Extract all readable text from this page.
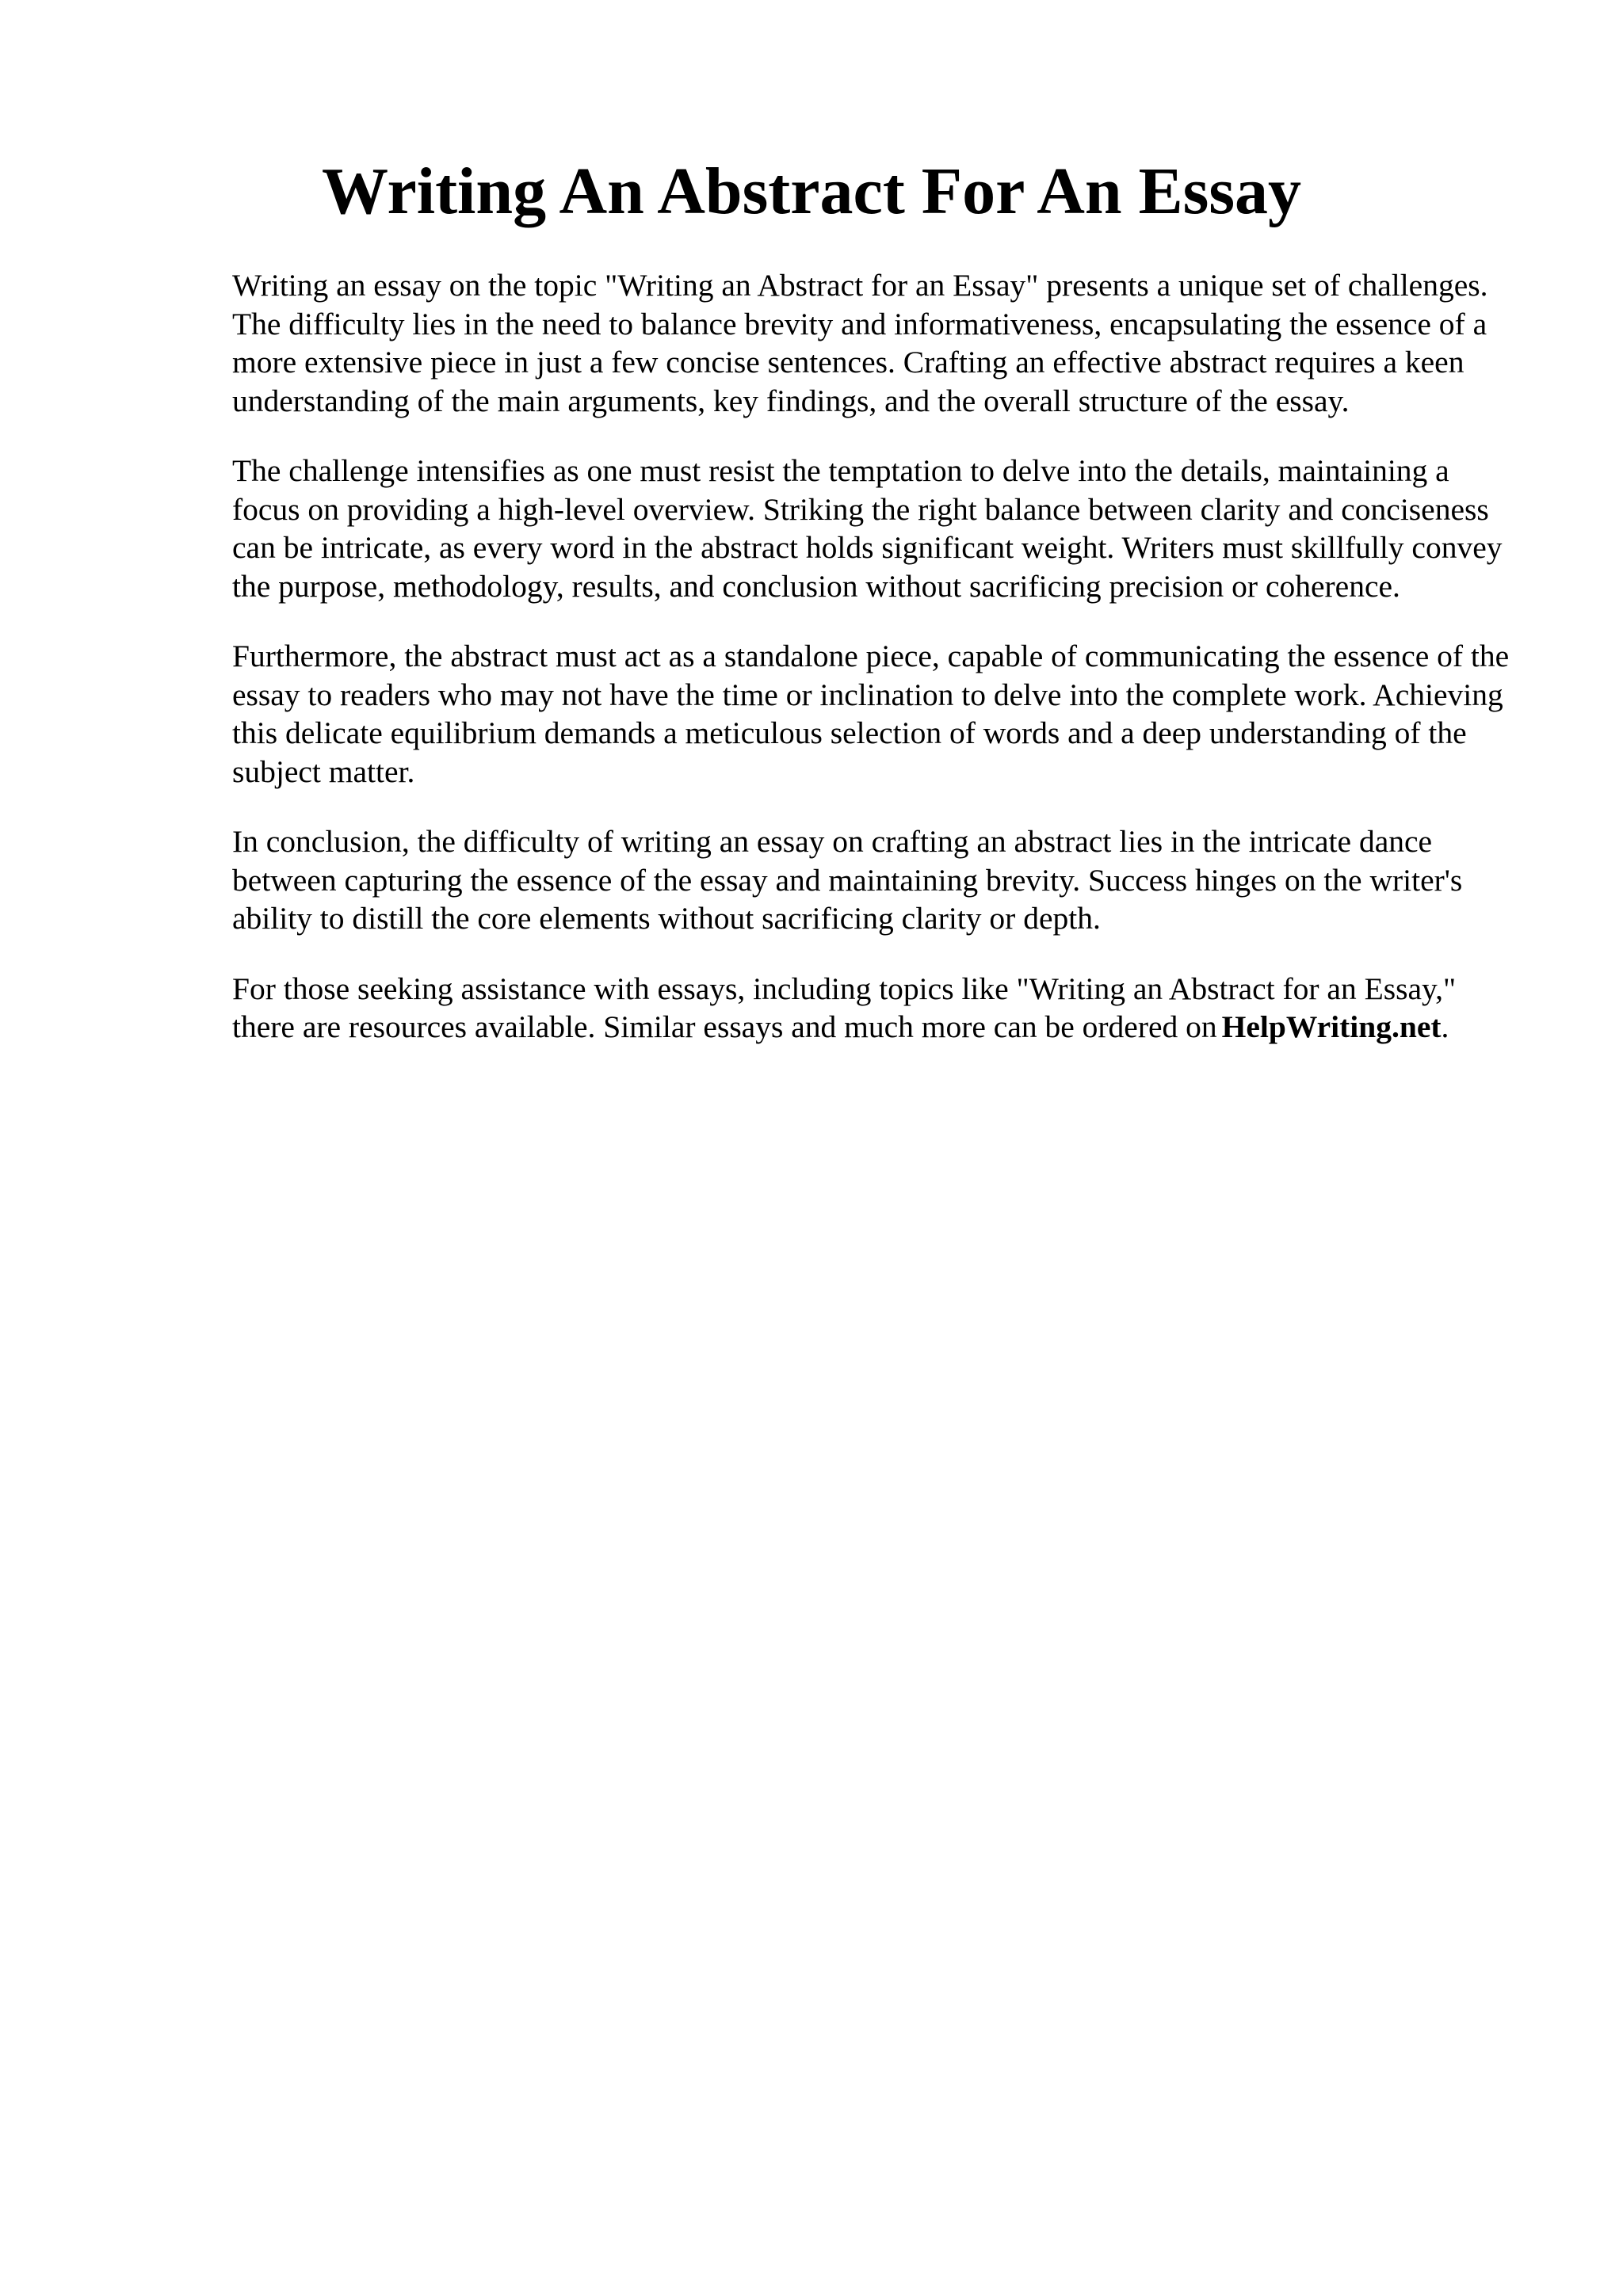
Writing An Abstract For An Essay

Writing an essay on the topic "Writing an Abstract for an Essay" presents a unique set of challenges. The difficulty lies in the need to balance brevity and informativeness, encapsulating the essence of a more extensive piece in just a few concise sentences. Crafting an effective abstract requires a keen understanding of the main arguments, key findings, and the overall structure of the essay.

The challenge intensifies as one must resist the temptation to delve into the details, maintaining a focus on providing a high-level overview. Striking the right balance between clarity and conciseness can be intricate, as every word in the abstract holds significant weight. Writers must skillfully convey the purpose, methodology, results, and conclusion without sacrificing precision or coherence.

Furthermore, the abstract must act as a standalone piece, capable of communicating the essence of the essay to readers who may not have the time or inclination to delve into the complete work. Achieving this delicate equilibrium demands a meticulous selection of words and a deep understanding of the subject matter.

In conclusion, the difficulty of writing an essay on crafting an abstract lies in the intricate dance between capturing the essence of the essay and maintaining brevity. Success hinges on the writer's ability to distill the core elements without sacrificing clarity or depth.

For those seeking assistance with essays, including topics like "Writing an Abstract for an Essay," there are resources available. Similar essays and much more can be ordered on HelpWriting.net.
